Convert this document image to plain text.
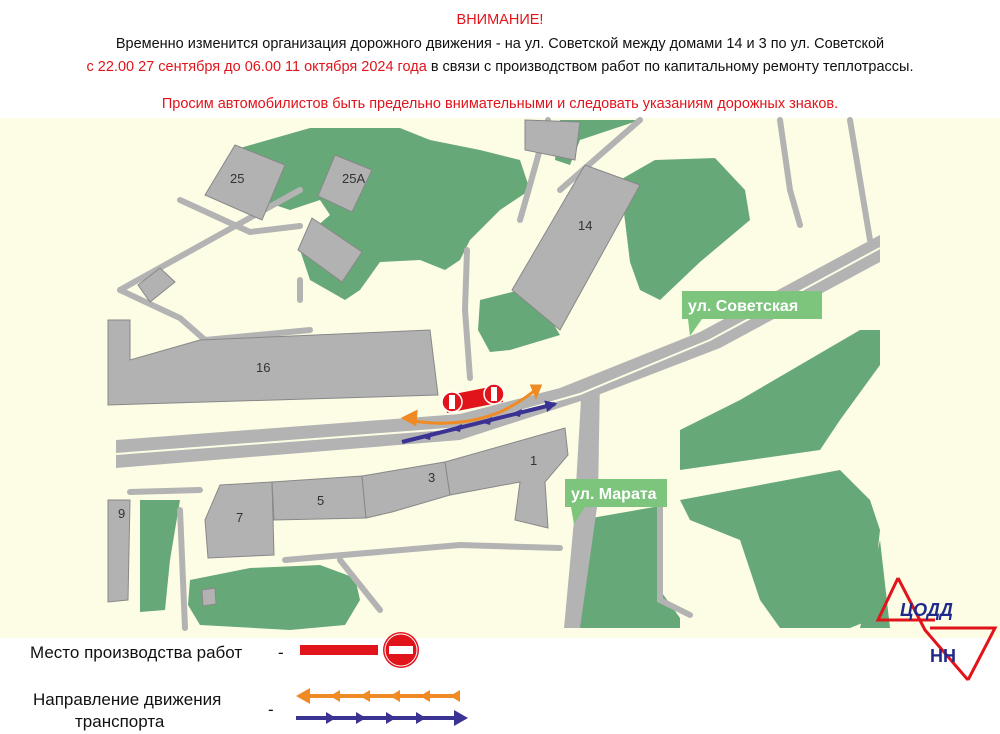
25	25А
14
16
9	7
5
3
1
ул. Советская
ул. Марата
ЦОДД
НН
ВНИМАНИЕ!
Временно изменится организация дорожного движения - на ул. Советской между домами 14 и 3 по ул. Советской
с 22.00 27 сентября до 06.00 11 октября 2024 года в связи с производством работ по капитальному ремонту теплотрассы.
Просим автомобилистов быть предельно внимательными и следовать указаниям дорожных знаков.
Место производства работ -
Направление движения
транспорта
-
